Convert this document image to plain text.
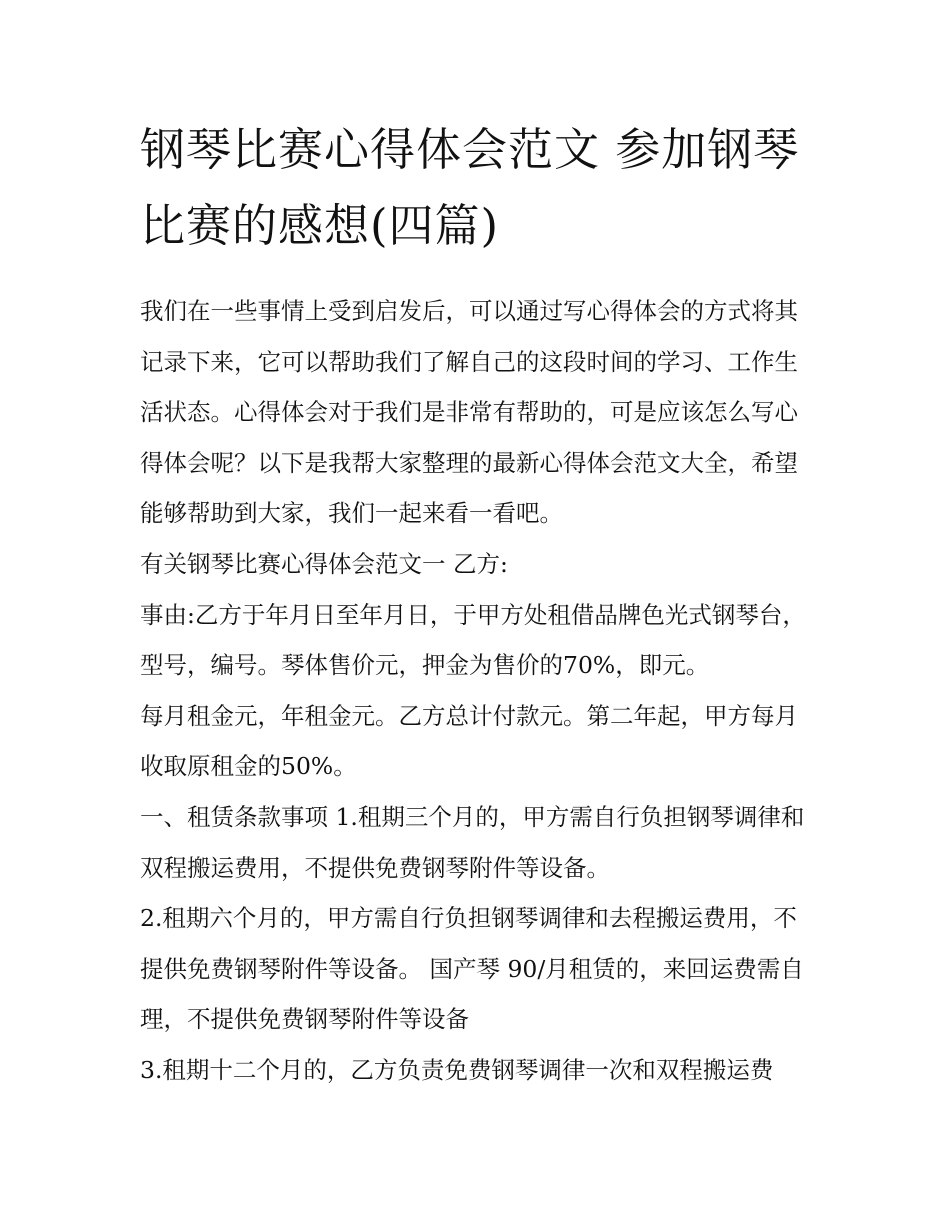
钢琴比赛心得体会范文 参加钢琴比赛的感想(四篇)

我们在一些事情上受到启发后，可以通过写心得体会的方式将其记录下来，它可以帮助我们了解自己的这段时间的学习、工作生活状态。心得体会对于我们是非常有帮助的，可是应该怎么写心得体会呢？以下是我帮大家整理的最新心得体会范文大全，希望能够帮助到大家，我们一起来看一看吧。

有关钢琴比赛心得体会范文一 乙方:

事由:乙方于年月日至年月日，于甲方处租借品牌色光式钢琴台，型号，编号。琴体售价元，押金为售价的70%，即元。

每月租金元，年租金元。乙方总计付款元。第二年起，甲方每月收取原租金的50%。

一、租赁条款事项 1.租期三个月的，甲方需自行负担钢琴调律和双程搬运费用，不提供免费钢琴附件等设备。

2.租期六个月的，甲方需自行负担钢琴调律和去程搬运费用，不提供免费钢琴附件等设备。 国产琴 90/月租赁的，来回运费需自理，不提供免费钢琴附件等设备

3.租期十二个月的，乙方负责免费钢琴调律一次和双程搬运费
